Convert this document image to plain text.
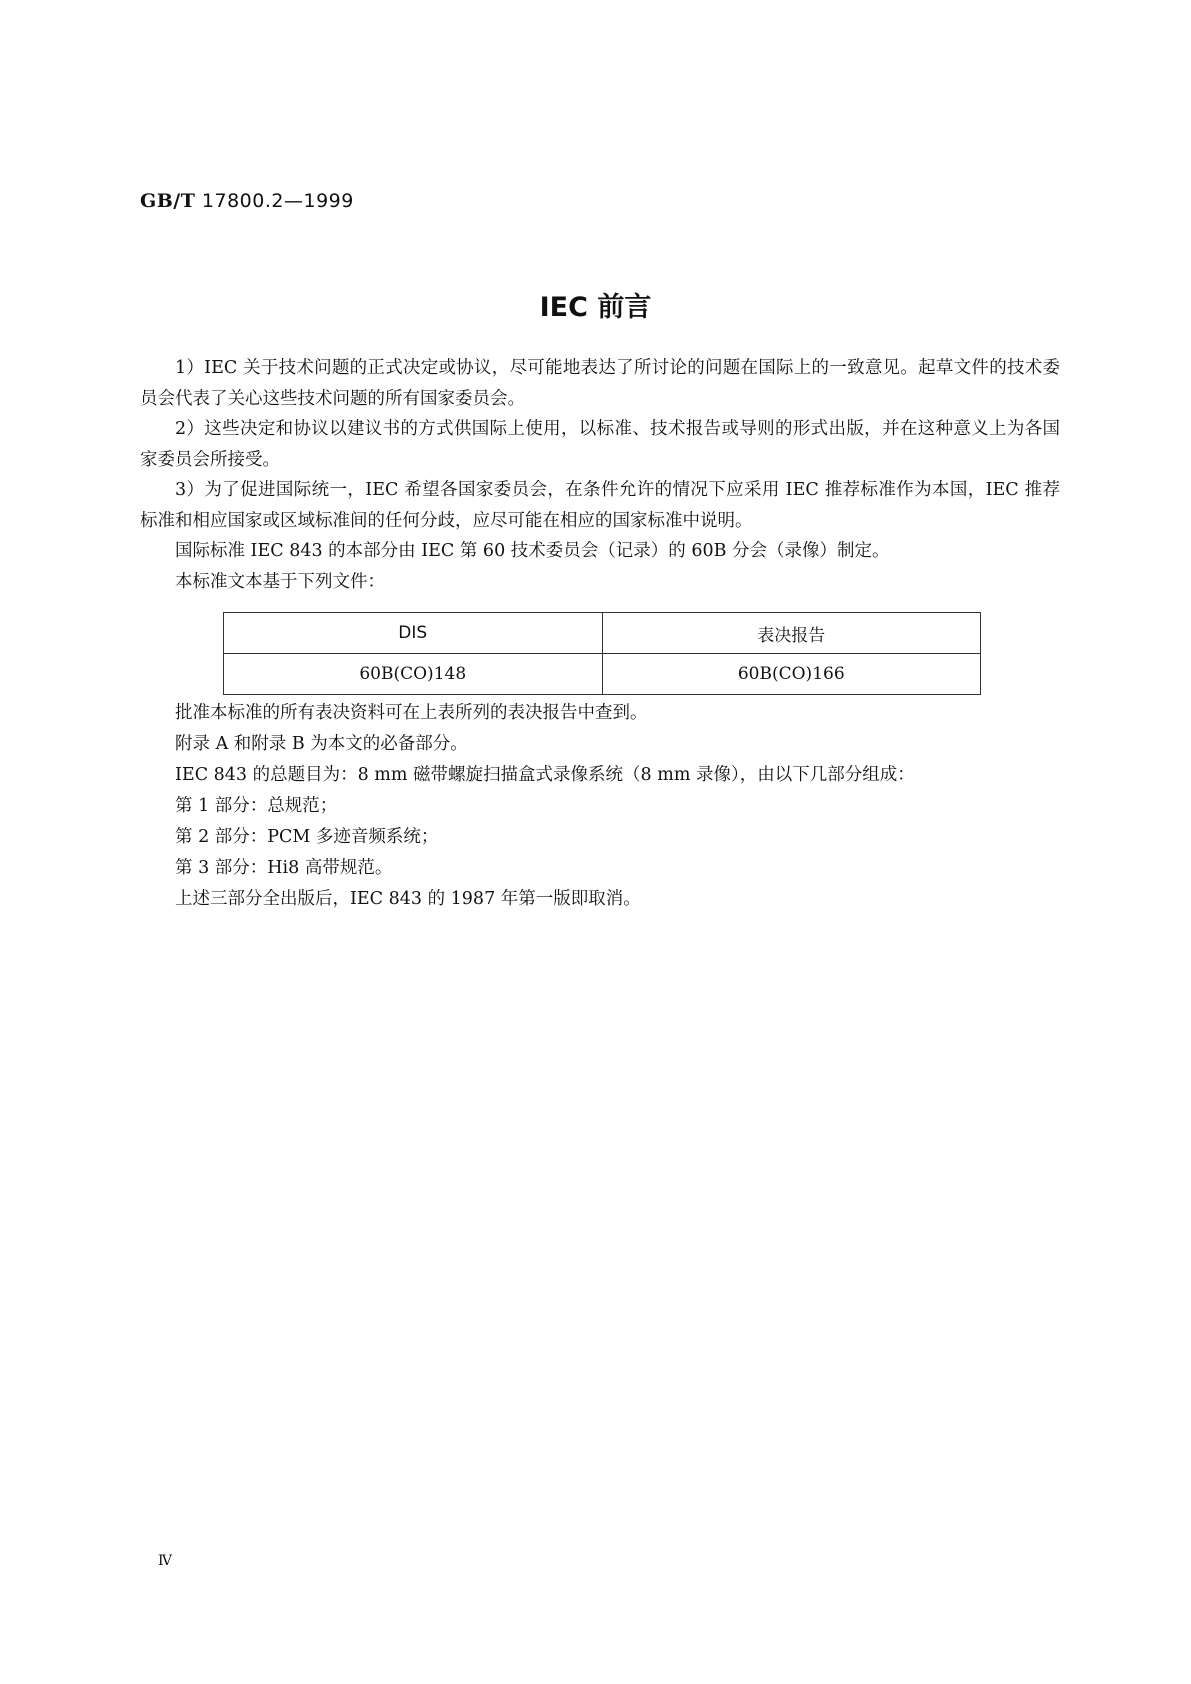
GB/T 17800.2—1999
IEC 前言

1）IEC 关于技术问题的正式决定或协议，尽可能地表达了所讨论的问题在国际上的一致意见。起草文件的技术委员会代表了关心这些技术问题的所有国家委员会。

2）这些决定和协议以建议书的方式供国际上使用，以标准、技术报告或导则的形式出版，并在这种意义上为各国家委员会所接受。

3）为了促进国际统一，IEC 希望各国家委员会，在条件允许的情况下应采用 IEC 推荐标准作为本国，IEC 推荐标准和相应国家或区域标准间的任何分歧，应尽可能在相应的国家标准中说明。

国际标准 IEC 843 的本部分由 IEC 第 60 技术委员会（记录）的 60B 分会（录像）制定。

本标准文本基于下列文件：

DIS	表决报告
60B(CO)148	60B(CO)166

批准本标准的所有表决资料可在上表所列的表决报告中查到。

附录 A 和附录 B 为本文的必备部分。

IEC 843 的总题目为：8 mm 磁带螺旋扫描盒式录像系统（8 mm 录像），由以下几部分组成：

第 1 部分：总规范；

第 2 部分：PCM 多迹音频系统；

第 3 部分：Hi8 高带规范。

上述三部分全出版后，IEC 843 的 1987 年第一版即取消。

Ⅳ
